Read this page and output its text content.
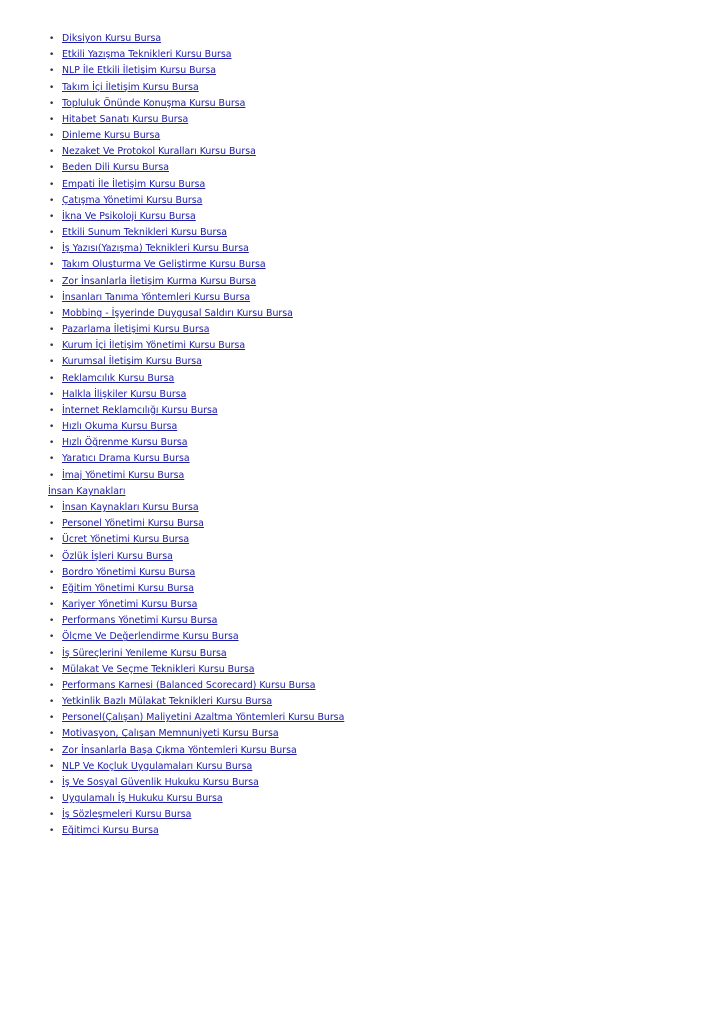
• Diksiyon Kursu Bursa
• Etkili Yazışma Teknikleri Kursu Bursa
• NLP İle Etkili İletişim Kursu Bursa
• Takım İçi İletişim Kursu Bursa
• Topluluk Önünde Konuşma Kursu Bursa
• Hitabet Sanatı Kursu Bursa
• Dinleme Kursu Bursa
• Nezaket Ve Protokol Kuralları Kursu Bursa
• Beden Dili Kursu Bursa
• Empati İle İletişim Kursu Bursa
• Çatışma Yönetimi Kursu Bursa
• İkna Ve Psikoloji Kursu Bursa
• Etkili Sunum Teknikleri Kursu Bursa
• İş Yazısı(Yazışma) Teknikleri Kursu Bursa
• Takım Oluşturma Ve Geliştirme Kursu Bursa
• Zor İnsanlarla İletişim Kurma Kursu Bursa
• İnsanları Tanıma Yöntemleri Kursu Bursa
• Mobbing - İşyerinde Duygusal Saldırı Kursu Bursa
• Pazarlama İletişimi Kursu Bursa
• Kurum İçi İletişim Yönetimi Kursu Bursa
• Kurumsal İletişim Kursu Bursa
• Reklamcılık Kursu Bursa
• Halkla İlişkiler Kursu Bursa
• İnternet Reklamcılığı Kursu Bursa
• Hızlı Okuma Kursu Bursa
• Hızlı Öğrenme Kursu Bursa
• Yaratıcı Drama Kursu Bursa
• İmaj Yönetimi Kursu Bursa
İnsan Kaynakları
• İnsan Kaynakları Kursu Bursa
• Personel Yönetimi Kursu Bursa
• Ücret Yönetimi Kursu Bursa
• Özlük İşleri Kursu Bursa
• Bordro Yönetimi Kursu Bursa
• Eğitim Yönetimi Kursu Bursa
• Kariyer Yönetimi Kursu Bursa
• Performans Yönetimi Kursu Bursa
• Ölçme Ve Değerlendirme Kursu Bursa
• İş Süreçlerini Yenileme Kursu Bursa
• Mülakat Ve Seçme Teknikleri Kursu Bursa
• Performans Karnesi (Balanced Scorecard) Kursu Bursa
• Yetkinlik Bazlı Mülakat Teknikleri Kursu Bursa
• Personel(Çalışan) Maliyetini Azaltma Yöntemleri Kursu Bursa
• Motivasyon, Çalışan Memnuniyeti Kursu Bursa
• Zor İnsanlarla Başa Çıkma Yöntemleri Kursu Bursa
• NLP Ve Koçluk Uygulamaları Kursu Bursa
• İş Ve Sosyal Güvenlik Hukuku Kursu Bursa
• Uygulamalı İş Hukuku Kursu Bursa
• İş Sözleşmeleri Kursu Bursa
• Eğitimci Kursu Bursa
